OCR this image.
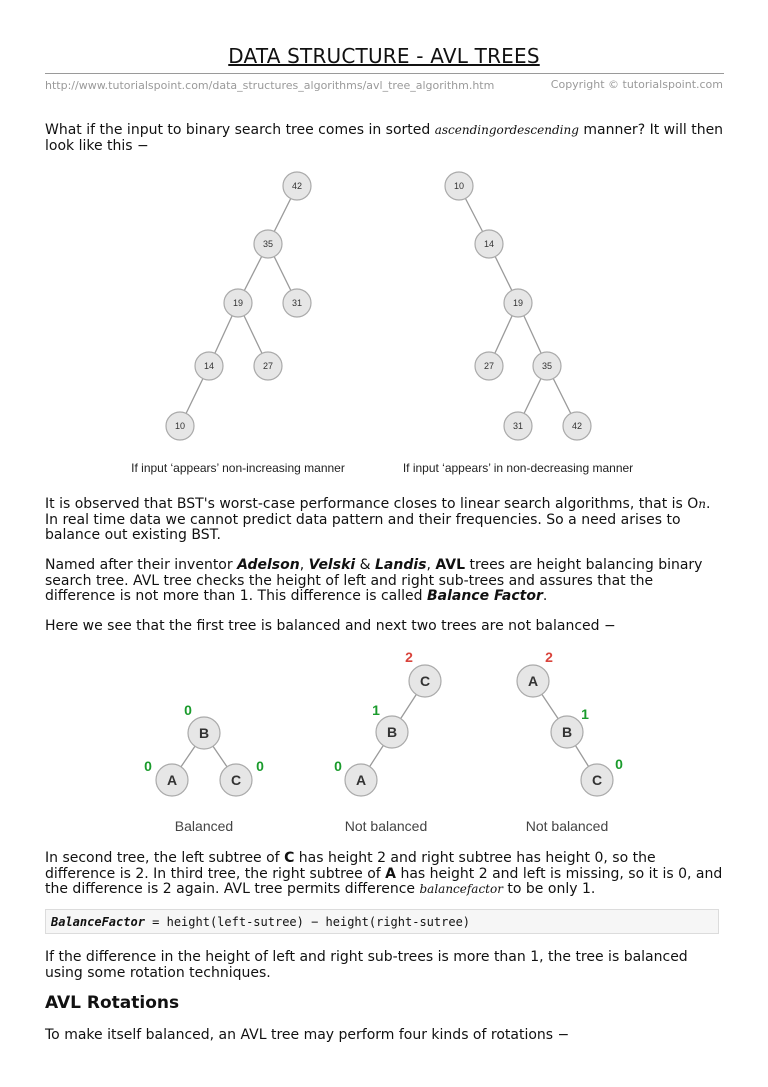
DATA STRUCTURE - AVL TREES
http://www.tutorialspoint.com/data_structures_algorithms/avl_tree_algorithm.htm	Copyright © tutorialspoint.com

What if the input to binary search tree comes in sorted ascendingordescending manner? It will then look like this −

42
35
19	31
14	27
10
10
14
19
27	35
31	42
If input ‘appears’ non-increasing manner	If input ‘appears’ in non-decreasing manner

It is observed that BST's worst-case performance closes to linear search algorithms, that is On. In real time data we cannot predict data pattern and their frequencies. So a need arises to balance out existing BST.

Named after their inventor Adelson, Velski & Landis, AVL trees are height balancing binary search tree. AVL tree checks the height of left and right sub-trees and assures that the difference is not more than 1. This difference is called Balance Factor.

Here we see that the first tree is balanced and next two trees are not balanced −

B
A	C
C
B
A
A
B
C
0
0	0
2
1
0
2
1
0
Balanced	Not balanced	Not balanced

In second tree, the left subtree of C has height 2 and right subtree has height 0, so the difference is 2. In third tree, the right subtree of A has height 2 and left is missing, so it is 0, and the difference is 2 again. AVL tree permits difference balancefactor to be only 1.

BalanceFactor = height(left-sutree) − height(right-sutree)

If the difference in the height of left and right sub-trees is more than 1, the tree is balanced using some rotation techniques.

AVL Rotations

To make itself balanced, an AVL tree may perform four kinds of rotations −
